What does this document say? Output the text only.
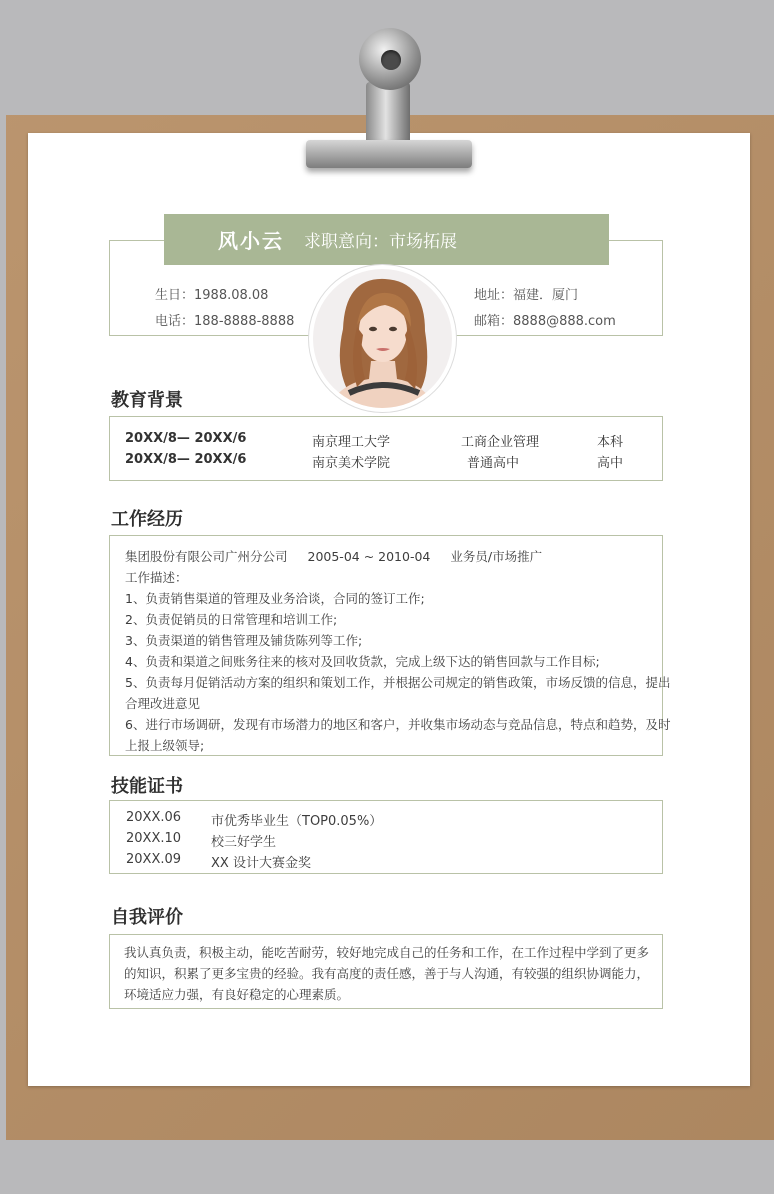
风小云 求职意向：市场拓展
生日：1988.08.08
电话：188-8888-8888
地址：福建．厦门
邮箱：8888@888.com
教育背景
20XX/8— 20XX/6	南京理工大学	工商企业管理	本科
20XX/8— 20XX/6	南京美术学院	普通高中	高中
工作经历
集团股份有限公司广州分公司 2005-04 ~ 2010-04 业务员/市场推广
工作描述：
1、负责销售渠道的管理及业务洽谈，合同的签订工作;
2、负责促销员的日常管理和培训工作;
3、负责渠道的销售管理及铺货陈列等工作;
4、负责和渠道之间账务往来的核对及回收货款，完成上级下达的销售回款与工作目标;
5、负责每月促销活动方案的组织和策划工作，并根据公司规定的销售政策，市场反馈的信息，提出
合理改进意见
6、进行市场调研，发现有市场潜力的地区和客户，并收集市场动态与竞品信息，特点和趋势，及时
上报上级领导;
技能证书
20XX.06 市优秀毕业生（TOP0.05%）
20XX.10 校三好学生
20XX.09 XX 设计大赛金奖
自我评价
我认真负责，积极主动，能吃苦耐劳，较好地完成自己的任务和工作，在工作过程中学到了更多的知识，积累了更多宝贵的经验。我有高度的责任感，善于与人沟通，有较强的组织协调能力，环境适应力强，有良好稳定的心理素质。
